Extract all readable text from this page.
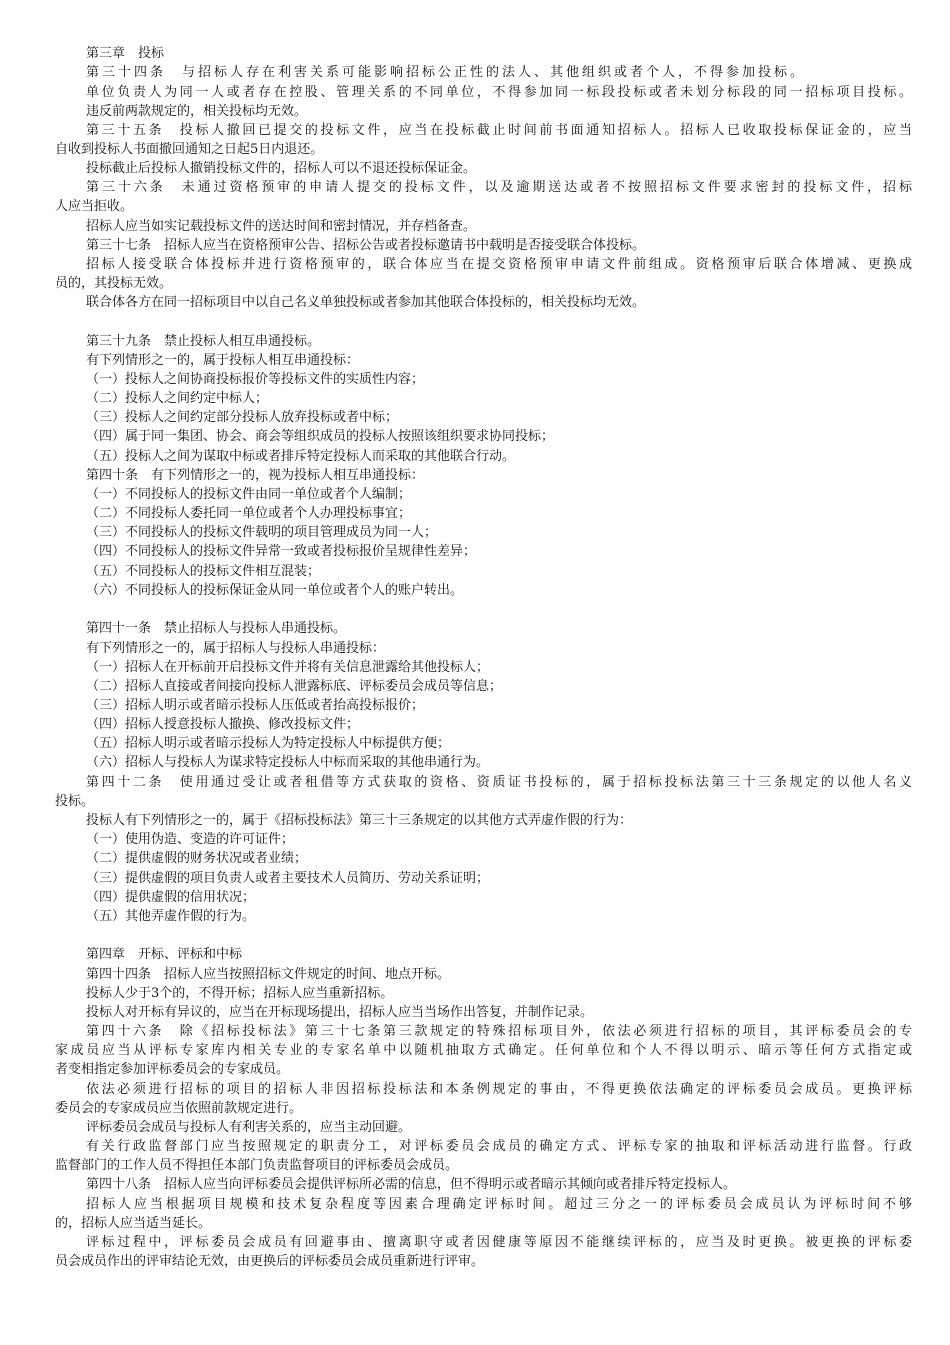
第三章　投标
第三十四条　与招标人存在利害关系可能影响招标公正性的法人、其他组织或者个人，不得参加投标。
单位负责人为同一人或者存在控股、管理关系的不同单位，不得参加同一标段投标或者未划分标段的同一招标项目投标。
违反前两款规定的，相关投标均无效。
第三十五条　投标人撤回已提交的投标文件，应当在投标截止时间前书面通知招标人。招标人已收取投标保证金的，应当
自收到投标人书面撤回通知之日起5日内退还。
投标截止后投标人撤销投标文件的，招标人可以不退还投标保证金。
第三十六条　未通过资格预审的申请人提交的投标文件，以及逾期送达或者不按照招标文件要求密封的投标文件，招标
人应当拒收。
招标人应当如实记载投标文件的送达时间和密封情况，并存档备查。
第三十七条　招标人应当在资格预审公告、招标公告或者投标邀请书中载明是否接受联合体投标。
招标人接受联合体投标并进行资格预审的，联合体应当在提交资格预审申请文件前组成。资格预审后联合体增减、更换成
员的，其投标无效。
联合体各方在同一招标项目中以自己名义单独投标或者参加其他联合体投标的，相关投标均无效。
第三十九条　禁止投标人相互串通投标。
有下列情形之一的，属于投标人相互串通投标：
（一）投标人之间协商投标报价等投标文件的实质性内容；
（二）投标人之间约定中标人；
（三）投标人之间约定部分投标人放弃投标或者中标；
（四）属于同一集团、协会、商会等组织成员的投标人按照该组织要求协同投标；
（五）投标人之间为谋取中标或者排斥特定投标人而采取的其他联合行动。
第四十条　有下列情形之一的，视为投标人相互串通投标：
（一）不同投标人的投标文件由同一单位或者个人编制；
（二）不同投标人委托同一单位或者个人办理投标事宜；
（三）不同投标人的投标文件载明的项目管理成员为同一人；
（四）不同投标人的投标文件异常一致或者投标报价呈规律性差异；
（五）不同投标人的投标文件相互混装；
（六）不同投标人的投标保证金从同一单位或者个人的账户转出。
第四十一条　禁止招标人与投标人串通投标。
有下列情形之一的，属于招标人与投标人串通投标：
（一）招标人在开标前开启投标文件并将有关信息泄露给其他投标人；
（二）招标人直接或者间接向投标人泄露标底、评标委员会成员等信息；
（三）招标人明示或者暗示投标人压低或者抬高投标报价；
（四）招标人授意投标人撤换、修改投标文件；
（五）招标人明示或者暗示投标人为特定投标人中标提供方便；
（六）招标人与投标人为谋求特定投标人中标而采取的其他串通行为。
第四十二条　使用通过受让或者租借等方式获取的资格、资质证书投标的，属于招标投标法第三十三条规定的以他人名义
投标。
投标人有下列情形之一的，属于《招标投标法》第三十三条规定的以其他方式弄虚作假的行为：
（一）使用伪造、变造的许可证件；
（二）提供虚假的财务状况或者业绩；
（三）提供虚假的项目负责人或者主要技术人员简历、劳动关系证明；
（四）提供虚假的信用状况；
（五）其他弄虚作假的行为。
第四章　开标、评标和中标
第四十四条　招标人应当按照招标文件规定的时间、地点开标。
投标人少于3个的，不得开标；招标人应当重新招标。
投标人对开标有异议的，应当在开标现场提出，招标人应当当场作出答复，并制作记录。
第四十六条　除《招标投标法》第三十七条第三款规定的特殊招标项目外，依法必须进行招标的项目，其评标委员会的专
家成员应当从评标专家库内相关专业的专家名单中以随机抽取方式确定。任何单位和个人不得以明示、暗示等任何方式指定或
者变相指定参加评标委员会的专家成员。
依法必须进行招标的项目的招标人非因招标投标法和本条例规定的事由，不得更换依法确定的评标委员会成员。更换评标
委员会的专家成员应当依照前款规定进行。
评标委员会成员与投标人有利害关系的，应当主动回避。
有关行政监督部门应当按照规定的职责分工，对评标委员会成员的确定方式、评标专家的抽取和评标活动进行监督。行政
监督部门的工作人员不得担任本部门负责监督项目的评标委员会成员。
第四十八条　招标人应当向评标委员会提供评标所必需的信息，但不得明示或者暗示其倾向或者排斥特定投标人。
招标人应当根据项目规模和技术复杂程度等因素合理确定评标时间。超过三分之一的评标委员会成员认为评标时间不够
的，招标人应当适当延长。
评标过程中，评标委员会成员有回避事由、擅离职守或者因健康等原因不能继续评标的，应当及时更换。被更换的评标委
员会成员作出的评审结论无效，由更换后的评标委员会成员重新进行评审。
